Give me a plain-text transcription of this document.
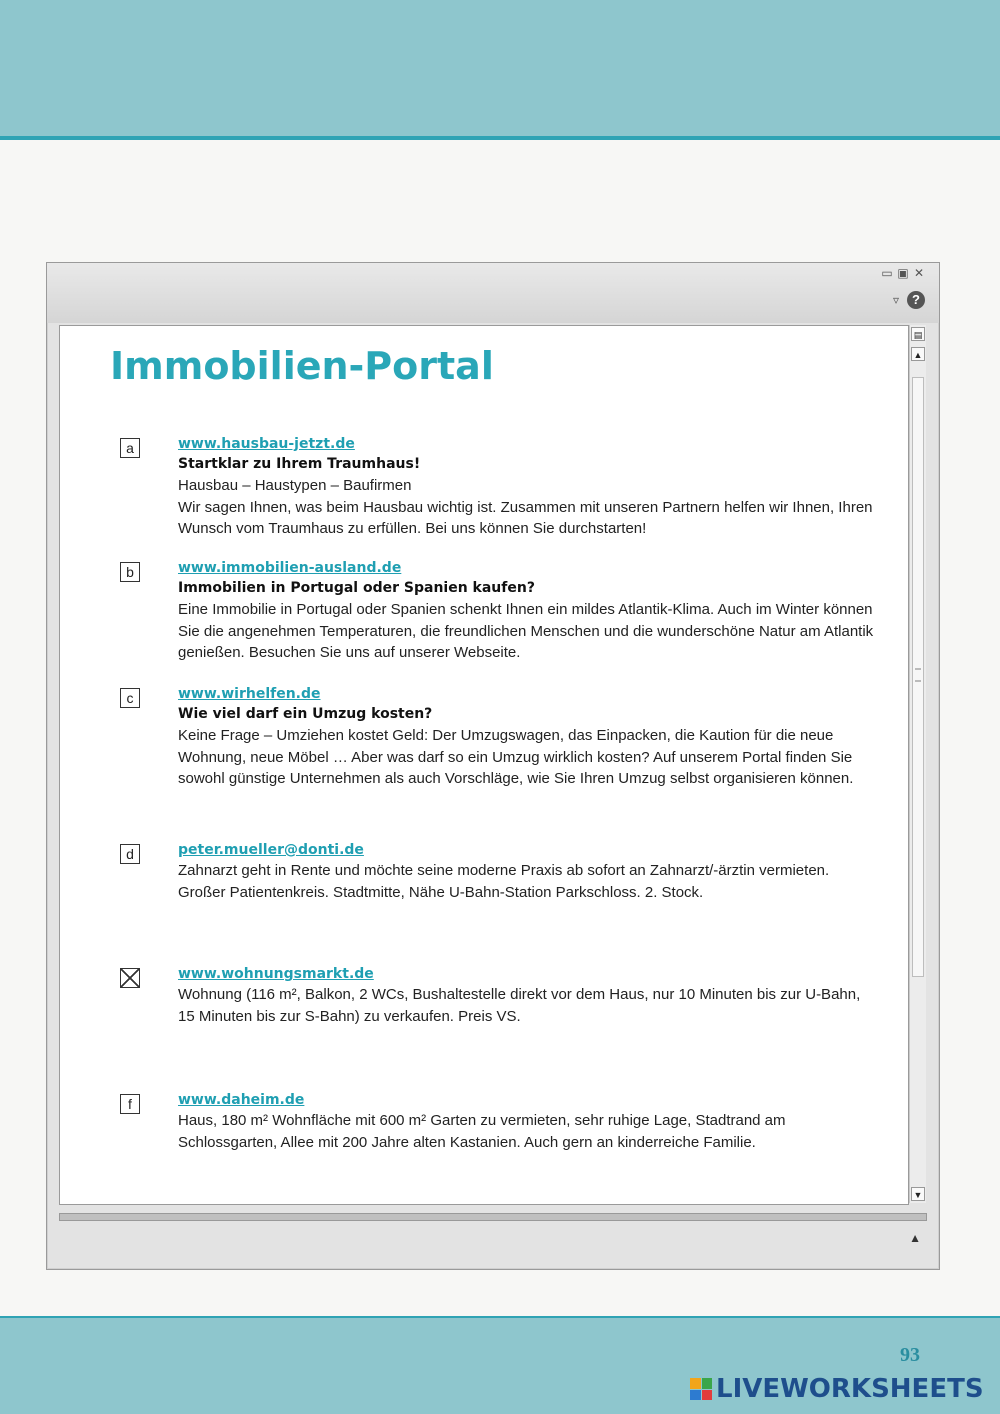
▭ ▣ ✕
▿	?
Immobilien-Portal
a	www.hausbau-jetzt.de
Startklar zu Ihrem Traumhaus!
Hausbau – Haustypen – Baufirmen
Wir sagen Ihnen, was beim Hausbau wichtig ist. Zusammen mit unseren Partnern helfen wir Ihnen, Ihren Wunsch vom Traumhaus zu erfüllen. Bei uns können Sie durchstarten!
b	www.immobilien-ausland.de
Immobilien in Portugal oder Spanien kaufen?
Eine Immobilie in Portugal oder Spanien schenkt Ihnen ein mildes Atlantik-Klima. Auch im Winter können Sie die angenehmen Temperaturen, die freundlichen Menschen und die wunderschöne Natur am Atlantik genießen. Besuchen Sie uns auf unserer Webseite.
c	www.wirhelfen.de
Wie viel darf ein Umzug kosten?
Keine Frage – Umziehen kostet Geld: Der Umzugswagen, das Einpacken, die Kaution für die neue Wohnung, neue Möbel … Aber was darf so ein Umzug wirklich kosten? Auf unserem Portal finden Sie sowohl günstige Unternehmen als auch Vorschläge, wie Sie Ihren Umzug selbst organisieren können.
d	peter.mueller@donti.de
Zahnarzt geht in Rente und möchte seine moderne Praxis ab sofort an Zahnarzt/-ärztin vermieten. Großer Patientenkreis. Stadtmitte, Nähe U-Bahn-Station Parkschloss. 2. Stock.
www.wohnungsmarkt.de
Wohnung (116 m², Balkon, 2 WCs, Bushaltestelle direkt vor dem Haus, nur 10 Minuten bis zur U-Bahn, 15 Minuten bis zur S-Bahn) zu verkaufen. Preis VS.
f	www.daheim.de
Haus, 180 m² Wohnfläche mit 600 m² Garten zu vermieten, sehr ruhige Lage, Stadtrand am Schlossgarten, Allee mit 200 Jahre alten Kastanien. Auch gern an kinderreiche Familie.
▤
▲
▼
▲
93
LIVEWORKSHEETS
